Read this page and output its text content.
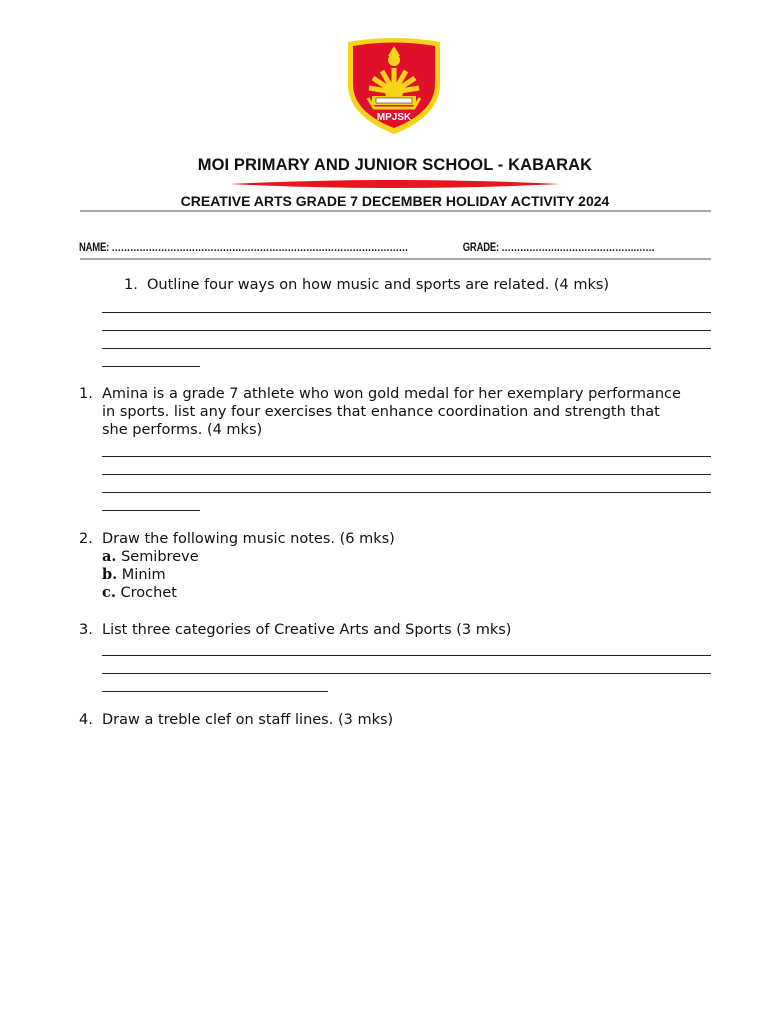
MPJSK
MOI PRIMARY AND JUNIOR SCHOOL - KABARAK
CREATIVE ARTS GRADE 7 DECEMBER HOLIDAY ACTIVITY 2024
NAME: ……………………………………………………………………………………	GRADE: ……………….…………………….……
1. Outline four ways on how music and sports are related. (4 mks)
1. Amina is a grade 7 athlete who won gold medal for her exemplary performance
in sports. list any four exercises that enhance coordination and strength that
she performs. (4 mks)
2. Draw the following music notes. (6 mks)
a. Semibreve
b. Minim
c. Crochet
3. List three categories of Creative Arts and Sports (3 mks)
4. Draw a treble clef on staff lines. (3 mks)
